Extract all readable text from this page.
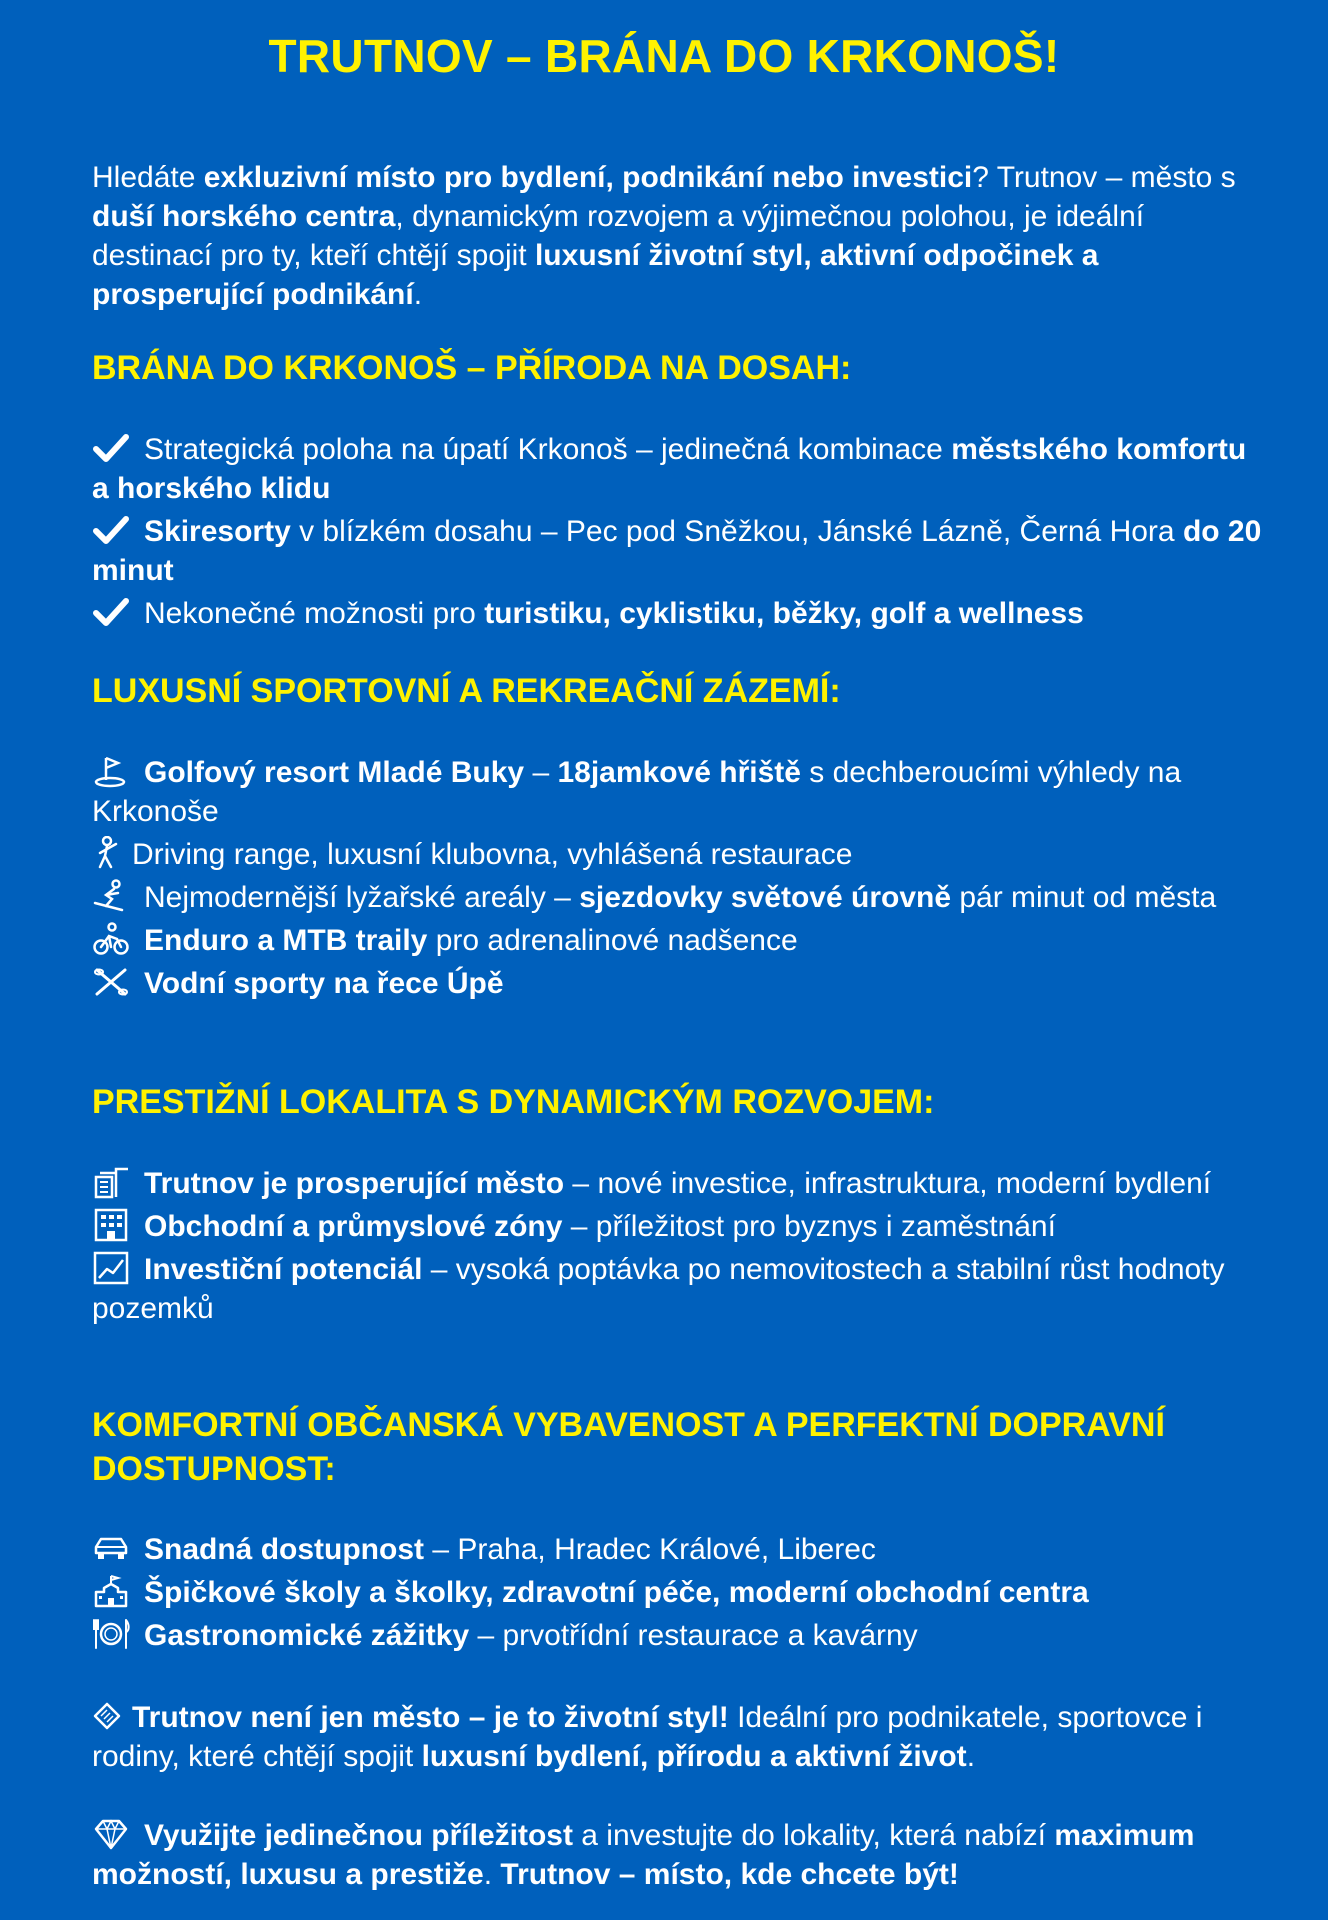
TRUTNOV – BRÁNA DO KRKONOŠ!

Hledáte exkluzivní místo pro bydlení, podnikání nebo investici? Trutnov – město s duší horského centra, dynamickým rozvojem a výjimečnou polohou, je ideální destinací pro ty, kteří chtějí spojit luxusní životní styl, aktivní odpočinek a prosperující podnikání.

BRÁNA DO KRKONOŠ – PŘÍRODA NA DOSAH:
Strategická poloha na úpatí Krkonoš – jedinečná kombinace městského komfortu a horského klidu
Skiresorty v blízkém dosahu – Pec pod Sněžkou, Jánské Lázně, Černá Hora do 20 minut
Nekonečné možnosti pro turistiku, cyklistiku, běžky, golf a wellness
LUXUSNÍ SPORTOVNÍ A REKREAČNÍ ZÁZEMÍ:
Golfový resort Mladé Buky – 18jamkové hřiště s dechberoucími výhledy na Krkonoše
Driving range, luxusní klubovna, vyhlášená restaurace
Nejmodernější lyžařské areály – sjezdovky světové úrovně pár minut od města
Enduro a MTB traily pro adrenalinové nadšence
Vodní sporty na řece Úpě
PRESTIŽNÍ LOKALITA S DYNAMICKÝM ROZVOJEM:
Trutnov je prosperující město – nové investice, infrastruktura, moderní bydlení
Obchodní a průmyslové zóny – příležitost pro byznys i zaměstnání
Investiční potenciál – vysoká poptávka po nemovitostech a stabilní růst hodnoty pozemků
KOMFORTNÍ OBČANSKÁ VYBAVENOST A PERFEKTNÍ DOPRAVNÍ DOSTUPNOST:
Snadná dostupnost – Praha, Hradec Králové, Liberec
Špičkové školy a školky, zdravotní péče, moderní obchodní centra
Gastronomické zážitky – prvotřídní restaurace a kavárny

Trutnov není jen město – je to životní styl! Ideální pro podnikatele, sportovce i rodiny, které chtějí spojit luxusní bydlení, přírodu a aktivní život.

Využijte jedinečnou příležitost a investujte do lokality, která nabízí maximum možností, luxusu a prestiže. Trutnov – místo, kde chcete být!
